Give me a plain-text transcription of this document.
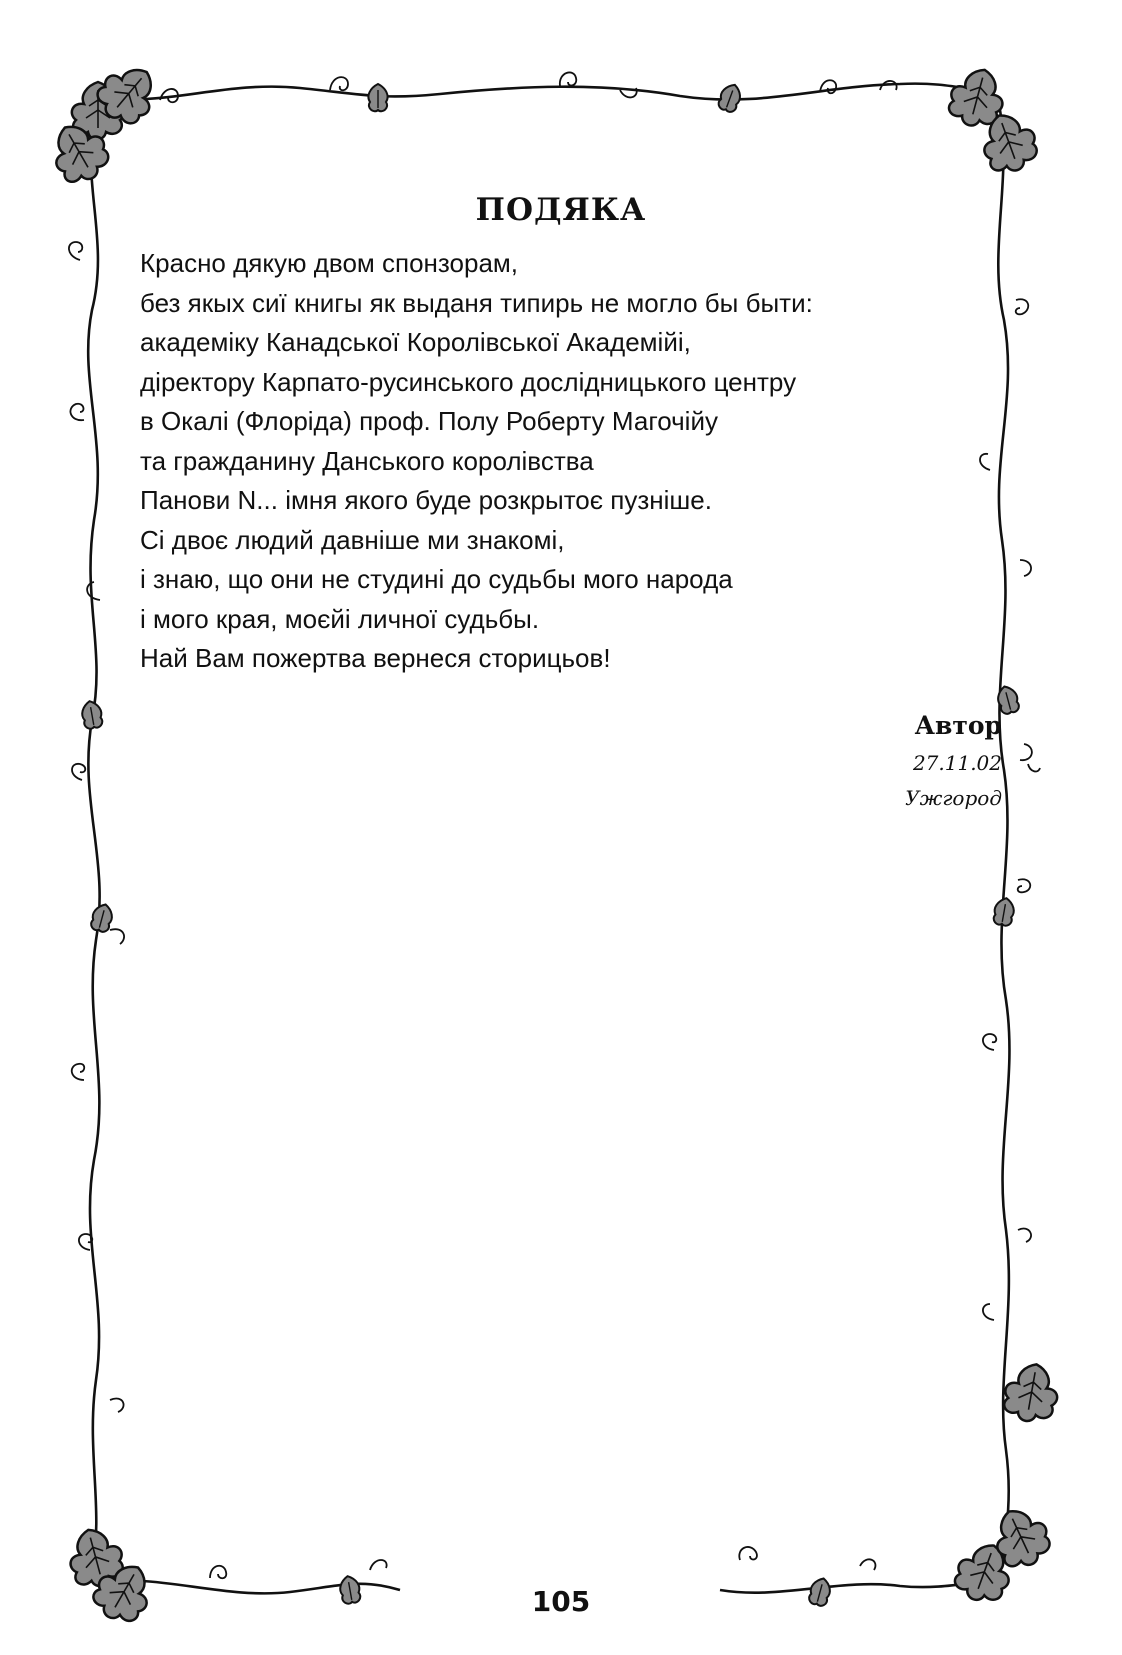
ПОДЯКА
Красно дякую двом спонзорам,
без якых сиї книгы як выданя типирь не могло бы быти:
академіку Канадської Королівської Академійі,
діректору Карпато-русинського дослідницького центру
в Окалі (Флоріда) проф. Полу Роберту Магочійу
та гражданину Данського королівства
Панови N... імня якого буде розкрытоє пузніше.
Сі двоє людий давніше ми знакомі,
і знаю, що они не студині до судьбы мого народа
і мого края, моєйі личної судьбы.
Най Вам пожертва вернеся сторицьов!
Автор
27.11.02
Ужгород
105
